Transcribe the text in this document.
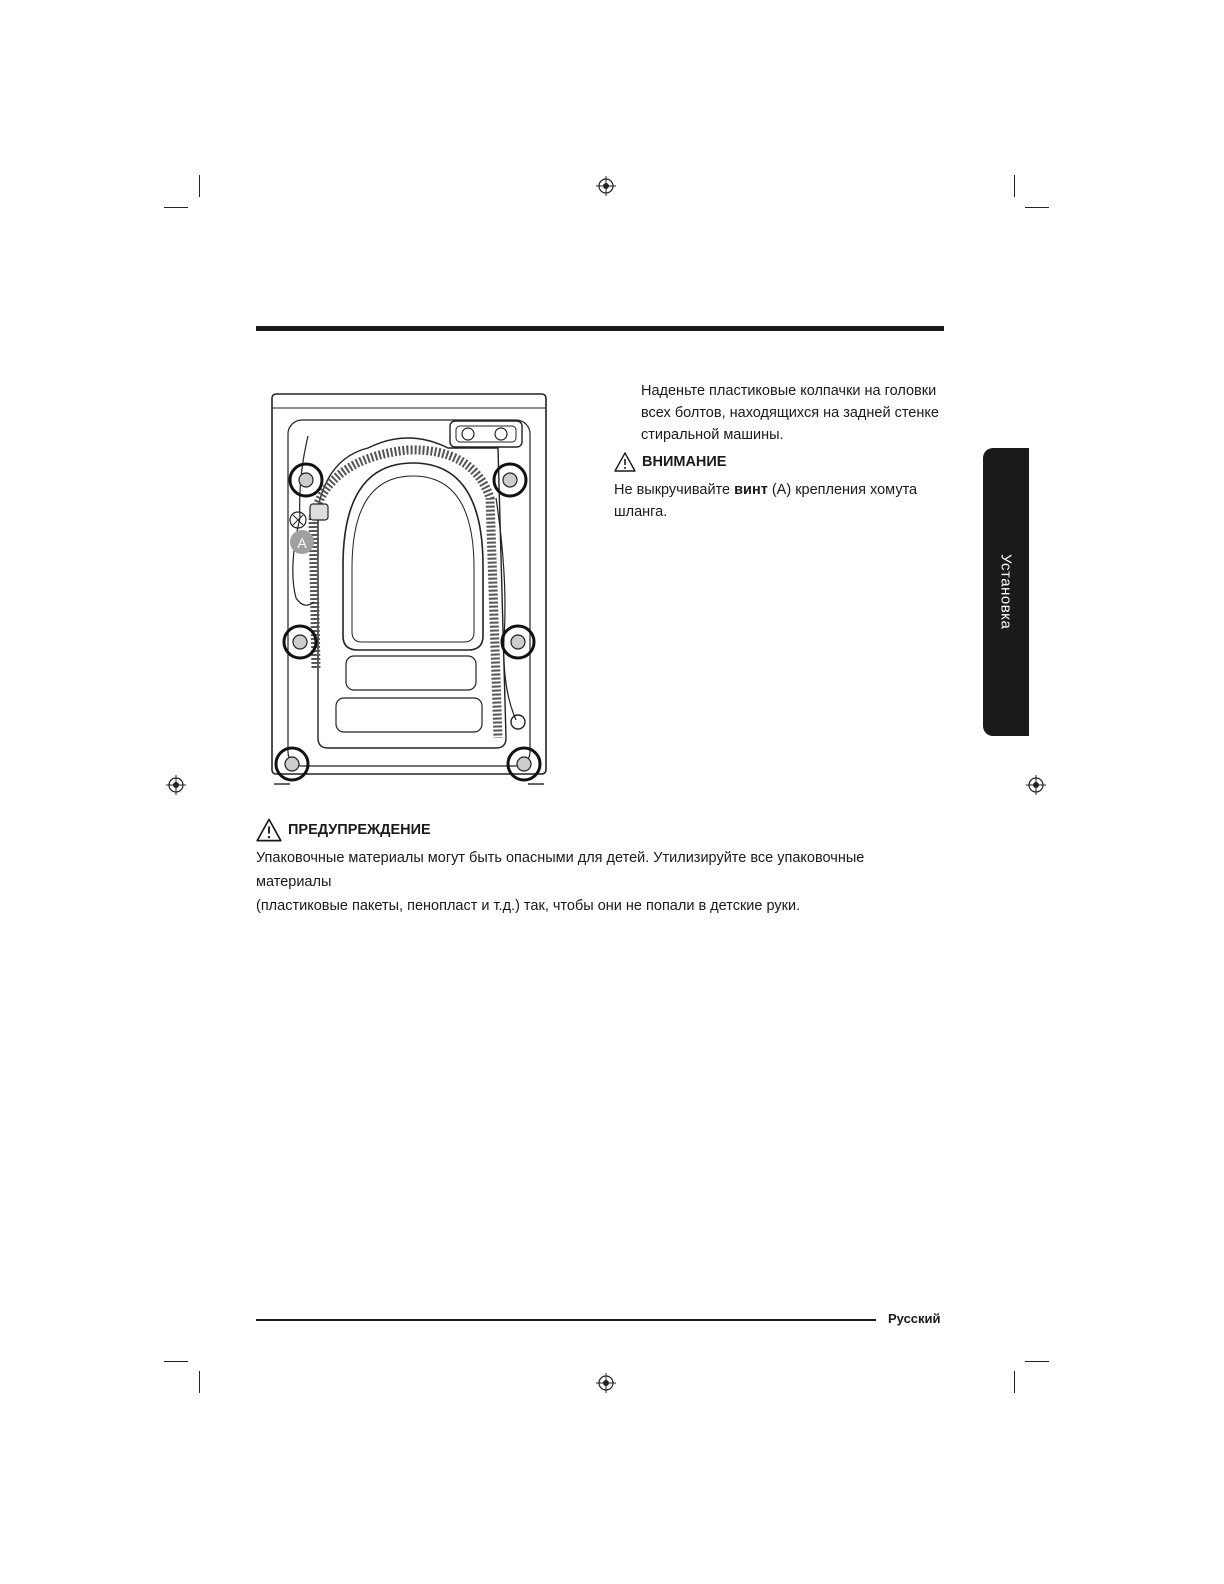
A
Наденьте пластиковые колпачки на головки
всех болтов, находящихся на задней стенке
стиральной машины.
ВНИМАНИЕ
Не выкручивайте винт (A) крепления хомута
шланга.
ПРЕДУПРЕЖДЕНИЕ
Упаковочные материалы могут быть опасными для детей. Утилизируйте все упаковочные материалы
(пластиковые пакеты, пенопласт и т.д.) так, чтобы они не попали в детские руки.
Установка
Русский
